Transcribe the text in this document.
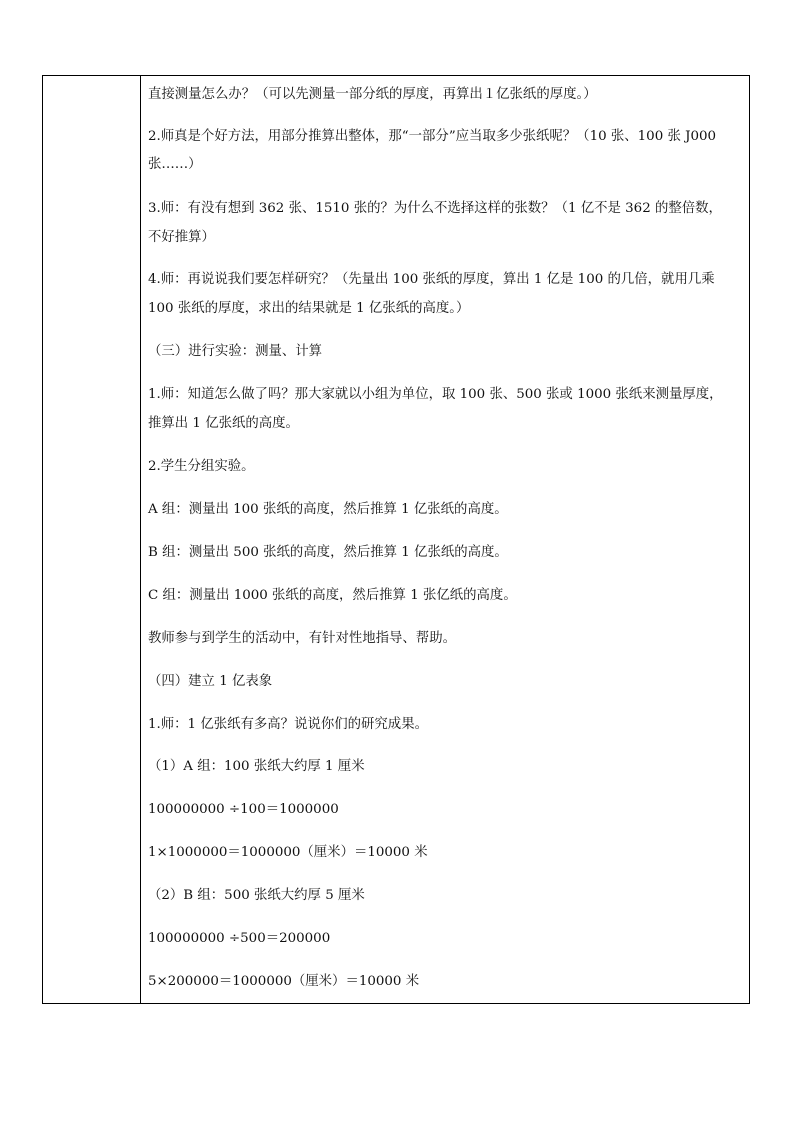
直接测量怎么办？（可以先测量一部分纸的厚度，再算出１亿张纸的厚度。）
2.师真是个好方法，用部分推算出整体，那“一部分”应当取多少张纸呢？（10 张、100 张 J000
张……）
3.师：有没有想到 362 张、1510 张的？为什么不选择这样的张数？（1 亿不是 362 的整倍数，
不好推算）
4.师：再说说我们要怎样研究？（先量出 100 张纸的厚度，算出 1 亿是 100 的几倍，就用几乘
100 张纸的厚度，求出的结果就是 1 亿张纸的高度。）
（三）进行实验：测量、计算
1.师：知道怎么做了吗？那大家就以小组为单位，取 100 张、500 张或 1000 张纸来测量厚度，
推算出 1 亿张纸的高度。
2.学生分组实验。
A 组：测量出 100 张纸的高度，然后推算 1 亿张纸的高度。
B 组：测量出 500 张纸的高度，然后推算 1 亿张纸的高度。
C 组：测量出 1000 张纸的高度，然后推算 1 张亿纸的高度。
教师参与到学生的活动中，有针对性地指导、帮助。
（四）建立 1 亿表象
1.师：1 亿张纸有多高？说说你们的研究成果。
（1）A 组：100 张纸大约厚 1 厘米
100000000 ÷100＝1000000
1×1000000＝1000000（厘米）＝10000 米
（2）B 组：500 张纸大约厚 5 厘米
100000000 ÷500＝200000
5×200000＝1000000（厘米）＝10000 米
